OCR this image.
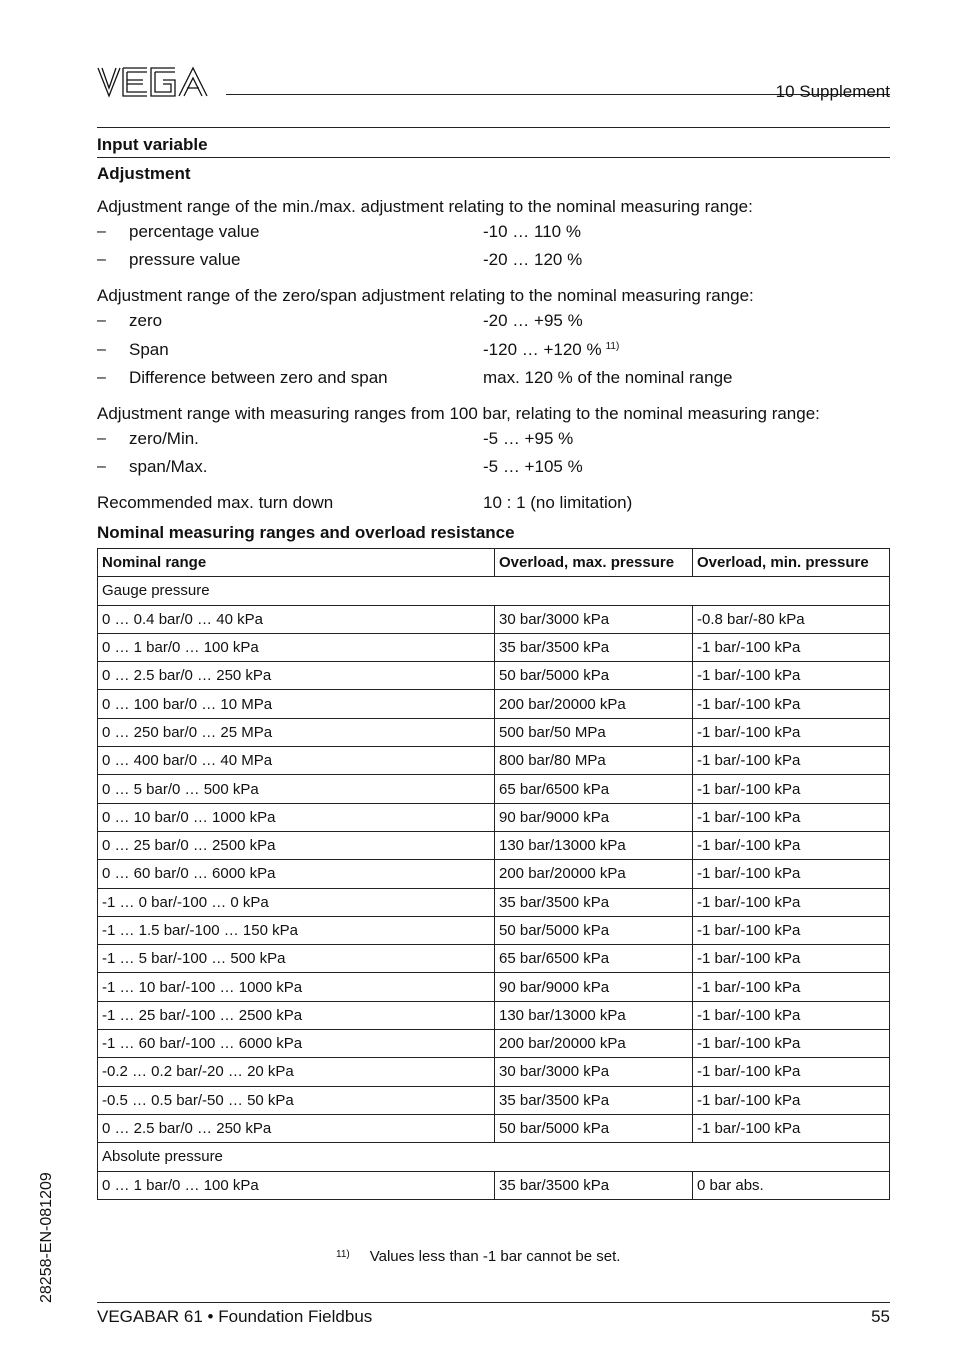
VEGA
10 Supplement
Input variable
Adjustment
Adjustment range of the min./max. adjustment relating to the nominal measuring range:
– percentage value	-10 … 110 %
– pressure value	-20 … 120 %
Adjustment range of the zero/span adjustment relating to the nominal measuring range:
– zero	-20 … +95 %
– Span	-120 … +120 % $^{11)}$
– Difference between zero and span	max. 120 % of the nominal range
Adjustment range with measuring ranges from 100 bar, relating to the nominal measuring range:
– zero/Min.	-5 … +95 %
– span/Max.	-5 … +105 %
Recommended max. turn down	10 : 1 (no limitation)
Nominal measuring ranges and overload resistance
Nominal range	Overload, max. pressure	Overload, min. pressure
Gauge pressure		
0 … 0.4 bar/0 … 40 kPa	30 bar/3000 kPa	-0.8 bar/-80 kPa
0 … 1 bar/0 … 100 kPa	35 bar/3500 kPa	-1 bar/-100 kPa
0 … 2.5 bar/0 … 250 kPa	50 bar/5000 kPa	-1 bar/-100 kPa
0 … 100 bar/0 … 10 MPa	200 bar/20000 kPa	-1 bar/-100 kPa
0 … 250 bar/0 … 25 MPa	500 bar/50 MPa	-1 bar/-100 kPa
0 … 400 bar/0 … 40 MPa	800 bar/80 MPa	-1 bar/-100 kPa
0 … 5 bar/0 … 500 kPa	65 bar/6500 kPa	-1 bar/-100 kPa
0 … 10 bar/0 … 1000 kPa	90 bar/9000 kPa	-1 bar/-100 kPa
0 … 25 bar/0 … 2500 kPa	130 bar/13000 kPa	-1 bar/-100 kPa
0 … 60 bar/0 … 6000 kPa	200 bar/20000 kPa	-1 bar/-100 kPa
-1 … 0 bar/-100 … 0 kPa	35 bar/3500 kPa	-1 bar/-100 kPa
-1 … 1.5 bar/-100 … 150 kPa	50 bar/5000 kPa	-1 bar/-100 kPa
-1 … 5 bar/-100 … 500 kPa	65 bar/6500 kPa	-1 bar/-100 kPa
-1 … 10 bar/-100 … 1000 kPa	90 bar/9000 kPa	-1 bar/-100 kPa
-1 … 25 bar/-100 … 2500 kPa	130 bar/13000 kPa	-1 bar/-100 kPa
-1 … 60 bar/-100 … 6000 kPa	200 bar/20000 kPa	-1 bar/-100 kPa
-0.2 … 0.2 bar/-20 … 20 kPa	30 bar/3000 kPa	-1 bar/-100 kPa
-0.5 … 0.5 bar/-50 … 50 kPa	35 bar/3500 kPa	-1 bar/-100 kPa
0 … 2.5 bar/0 … 250 kPa	50 bar/5000 kPa	-1 bar/-100 kPa
Absolute pressure		
0 … 1 bar/0 … 100 kPa	35 bar/3500 kPa	0 bar abs.
$^{11)}$ Values less than -1 bar cannot be set.
28258-EN-081209
VEGABAR 61 • Foundation Fieldbus	55
